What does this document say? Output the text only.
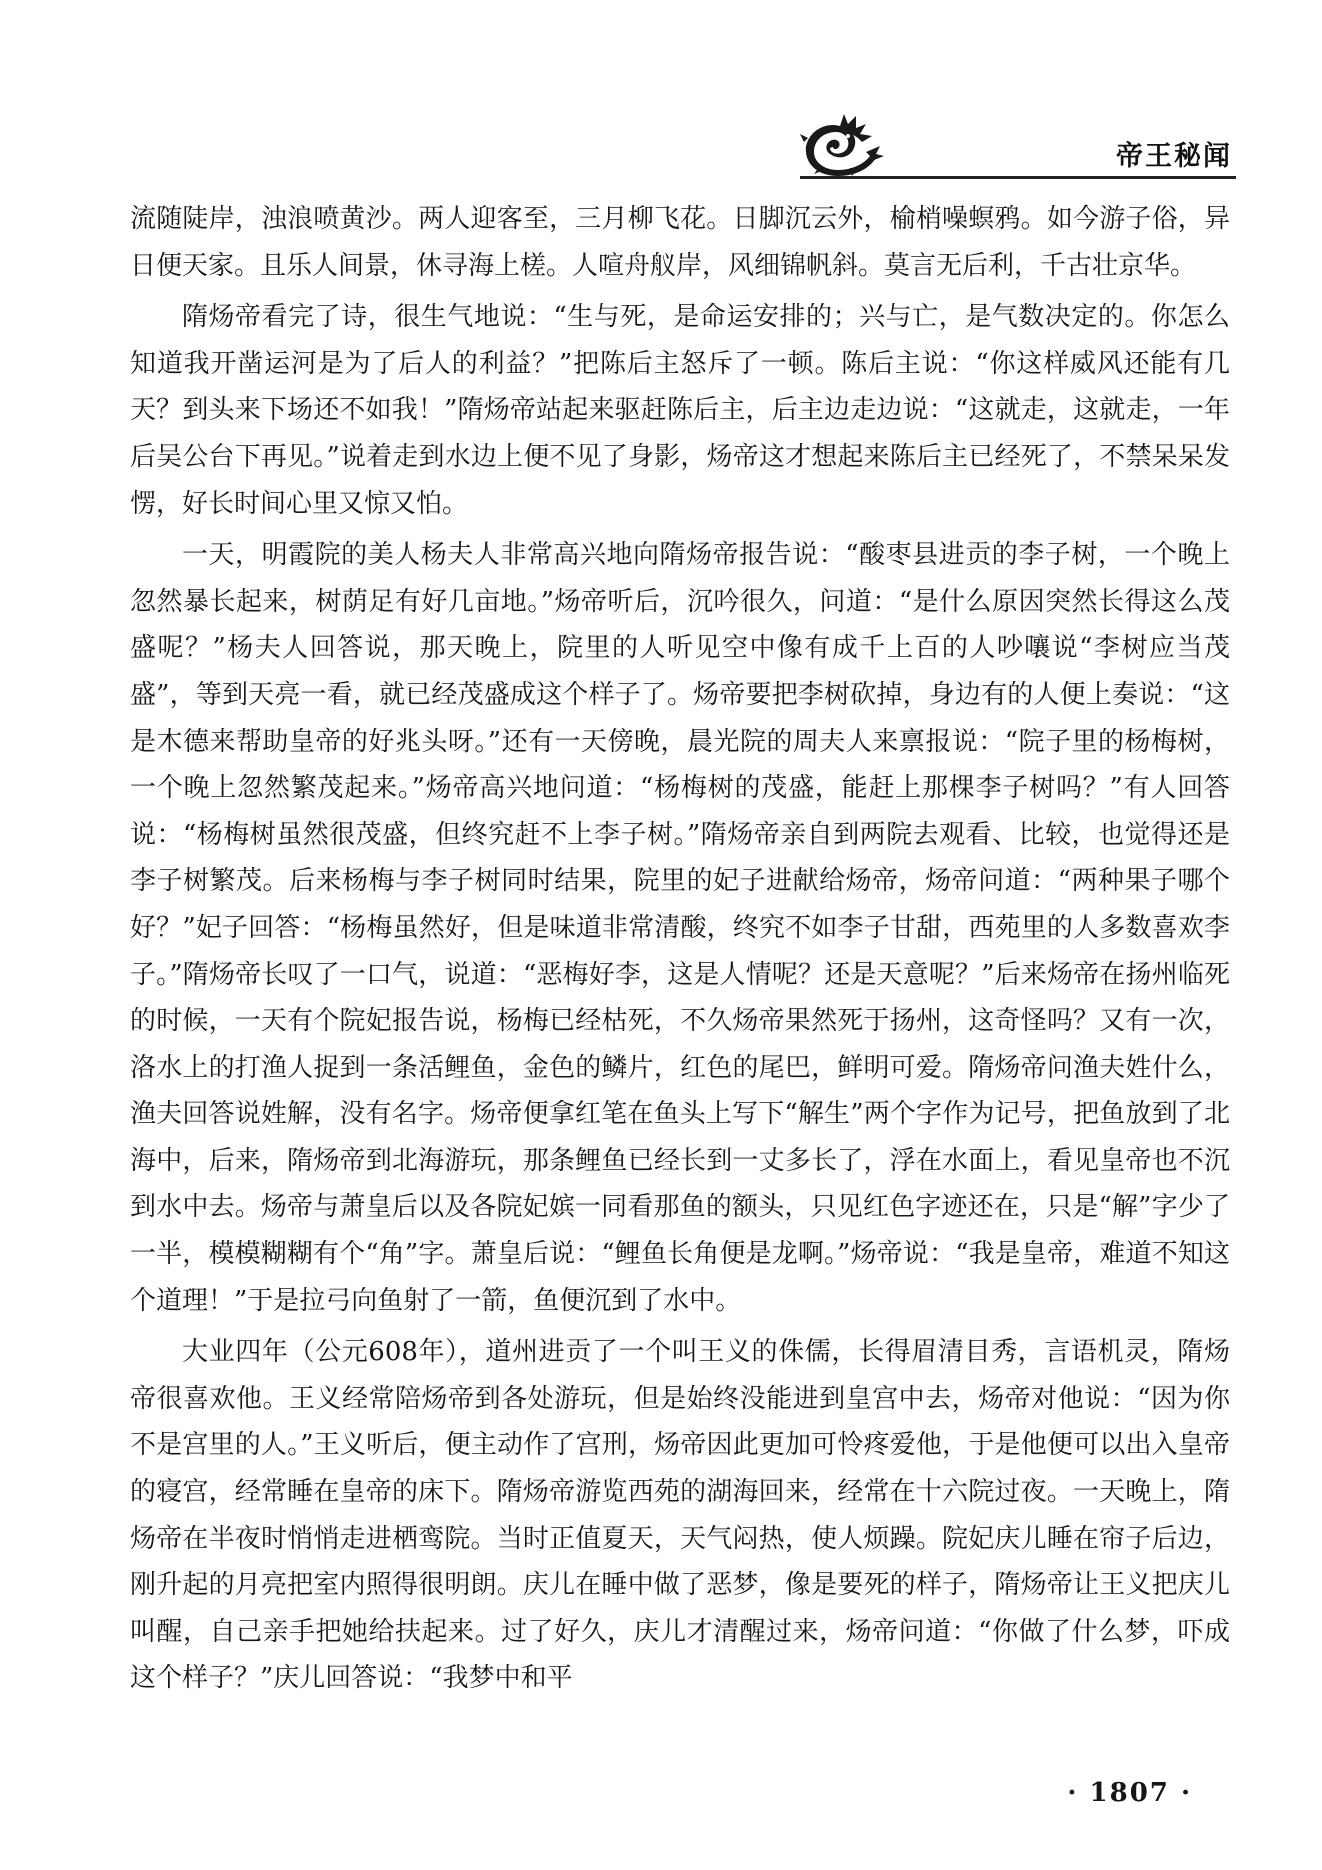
帝王秘闻

流随陡岸，浊浪喷黄沙。两人迎客至，三月柳飞花。日脚沉云外，榆梢噪螟鸦。如今游子俗，异日便天家。且乐人间景，休寻海上槎。人喧舟舣岸，风细锦帆斜。莫言无后利，千古壮京华。

隋炀帝看完了诗，很生气地说：“生与死，是命运安排的；兴与亡，是气数决定的。你怎么知道我开凿运河是为了后人的利益？”把陈后主怒斥了一顿。陈后主说：“你这样威风还能有几天？到头来下场还不如我！”隋炀帝站起来驱赶陈后主，后主边走边说：“这就走，这就走，一年后吴公台下再见。”说着走到水边上便不见了身影，炀帝这才想起来陈后主已经死了，不禁呆呆发愣，好长时间心里又惊又怕。

一天，明霞院的美人杨夫人非常高兴地向隋炀帝报告说：“酸枣县进贡的李子树，一个晚上忽然暴长起来，树荫足有好几亩地。”炀帝听后，沉吟很久，问道：“是什么原因突然长得这么茂盛呢？”杨夫人回答说，那天晚上，院里的人听见空中像有成千上百的人吵嚷说“李树应当茂盛”，等到天亮一看，就已经茂盛成这个样子了。炀帝要把李树砍掉，身边有的人便上奏说：“这是木德来帮助皇帝的好兆头呀。”还有一天傍晚，晨光院的周夫人来禀报说：“院子里的杨梅树，一个晚上忽然繁茂起来。”炀帝高兴地问道：“杨梅树的茂盛，能赶上那棵李子树吗？”有人回答说：“杨梅树虽然很茂盛，但终究赶不上李子树。”隋炀帝亲自到两院去观看、比较，也觉得还是李子树繁茂。后来杨梅与李子树同时结果，院里的妃子进献给炀帝，炀帝问道：“两种果子哪个好？”妃子回答：“杨梅虽然好，但是味道非常清酸，终究不如李子甘甜，西苑里的人多数喜欢李子。”隋炀帝长叹了一口气，说道：“恶梅好李，这是人情呢？还是天意呢？”后来炀帝在扬州临死的时候，一天有个院妃报告说，杨梅已经枯死，不久炀帝果然死于扬州，这奇怪吗？又有一次，洛水上的打渔人捉到一条活鲤鱼，金色的鳞片，红色的尾巴，鲜明可爱。隋炀帝问渔夫姓什么，渔夫回答说姓解，没有名字。炀帝便拿红笔在鱼头上写下“解生”两个字作为记号，把鱼放到了北海中，后来，隋炀帝到北海游玩，那条鲤鱼已经长到一丈多长了，浮在水面上，看见皇帝也不沉到水中去。炀帝与萧皇后以及各院妃嫔一同看那鱼的额头，只见红色字迹还在，只是“解”字少了一半，模模糊糊有个“角”字。萧皇后说：“鲤鱼长角便是龙啊。”炀帝说：“我是皇帝，难道不知这个道理！”于是拉弓向鱼射了一箭，鱼便沉到了水中。

大业四年（公元608年），道州进贡了一个叫王义的侏儒，长得眉清目秀，言语机灵，隋炀帝很喜欢他。王义经常陪炀帝到各处游玩，但是始终没能进到皇宫中去，炀帝对他说：“因为你不是宫里的人。”王义听后，便主动作了宫刑，炀帝因此更加可怜疼爱他，于是他便可以出入皇帝的寝宫，经常睡在皇帝的床下。隋炀帝游览西苑的湖海回来，经常在十六院过夜。一天晚上，隋炀帝在半夜时悄悄走进栖鸾院。当时正值夏天，天气闷热，使人烦躁。院妃庆儿睡在帘子后边，刚升起的月亮把室内照得很明朗。庆儿在睡中做了恶梦，像是要死的样子，隋炀帝让王义把庆儿叫醒，自己亲手把她给扶起来。过了好久，庆儿才清醒过来，炀帝问道：“你做了什么梦，吓成这个样子？”庆儿回答说：“我梦中和平

· 1807 ·
